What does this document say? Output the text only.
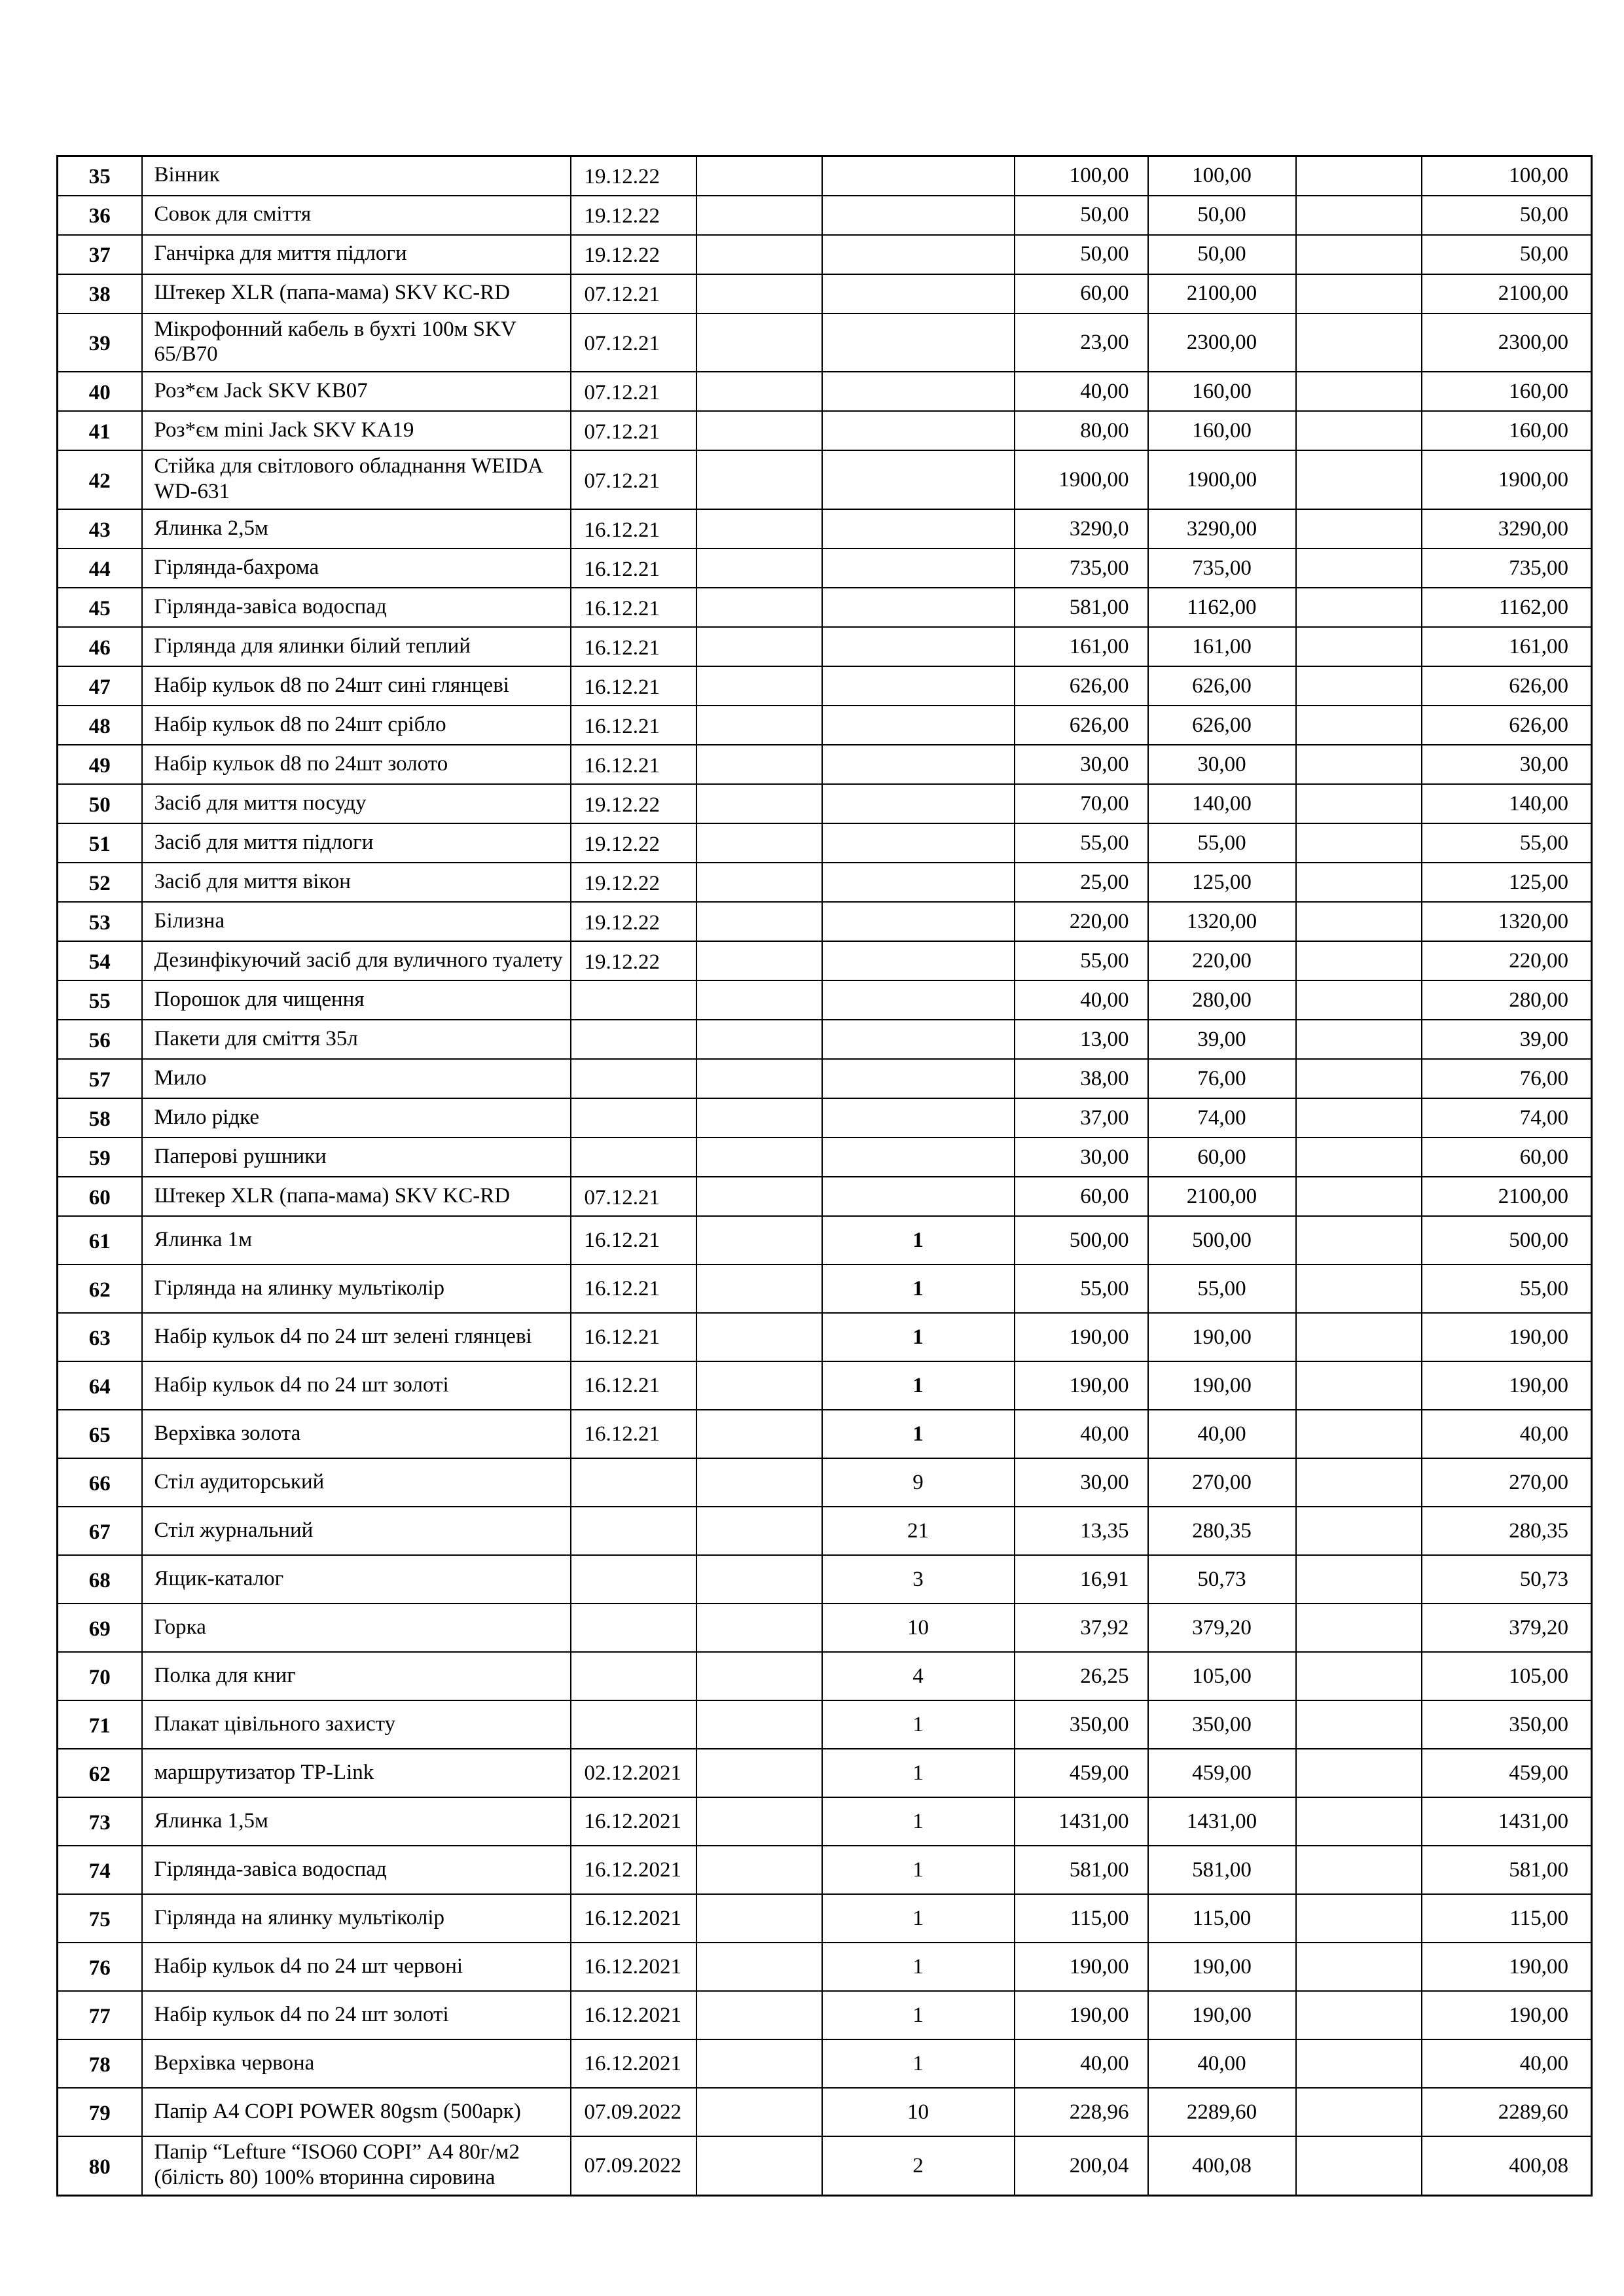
35	Вінник	19.12.22			100,00	100,00		100,00
36	Совок для сміття	19.12.22			50,00	50,00		50,00
37	Ганчірка для миття підлоги	19.12.22			50,00	50,00		50,00
38	Штекер XLR (папа-мама) SKV KC-RD	07.12.21			60,00	2100,00		2100,00
39	Мікрофонний кабель в бухті 100м SKV 65/B70	07.12.21			23,00	2300,00		2300,00
40	Роз*єм Jack SKV KB07	07.12.21			40,00	160,00		160,00
41	Роз*єм mini Jack SKV KA19	07.12.21			80,00	160,00		160,00
42	Стійка для світлового обладнання WEIDA WD-631	07.12.21			1900,00	1900,00		1900,00
43	Ялинка 2,5м	16.12.21			3290,0	3290,00		3290,00
44	Гірлянда-бахрома	16.12.21			735,00	735,00		735,00
45	Гірлянда-завіса водоспад	16.12.21			581,00	1162,00		1162,00
46	Гірлянда для ялинки білий теплий	16.12.21			161,00	161,00		161,00
47	Набір кульок d8 по 24шт сині глянцеві	16.12.21			626,00	626,00		626,00
48	Набір кульок d8 по 24шт срібло	16.12.21			626,00	626,00		626,00
49	Набір кульок d8 по 24шт золото	16.12.21			30,00	30,00		30,00
50	Засіб для миття посуду	19.12.22			70,00	140,00		140,00
51	Засіб для миття підлоги	19.12.22			55,00	55,00		55,00
52	Засіб для миття вікон	19.12.22			25,00	125,00		125,00
53	Білизна	19.12.22			220,00	1320,00		1320,00
54	Дезинфікуючий засіб для вуличного туалету	19.12.22			55,00	220,00		220,00
55	Порошок для чищення				40,00	280,00		280,00
56	Пакети для сміття 35л				13,00	39,00		39,00
57	Мило				38,00	76,00		76,00
58	Мило рідке				37,00	74,00		74,00
59	Паперові рушники				30,00	60,00		60,00
60	Штекер XLR (папа-мама) SKV KC-RD	07.12.21			60,00	2100,00		2100,00
61	Ялинка 1м	16.12.21		1	500,00	500,00		500,00
62	Гірлянда на ялинку мультіколір	16.12.21		1	55,00	55,00		55,00
63	Набір кульок d4 по 24 шт зелені глянцеві	16.12.21		1	190,00	190,00		190,00
64	Набір кульок d4 по 24 шт золоті	16.12.21		1	190,00	190,00		190,00
65	Верхівка золота	16.12.21		1	40,00	40,00		40,00
66	Стіл аудиторський			9	30,00	270,00		270,00
67	Стіл журнальний			21	13,35	280,35		280,35
68	Ящик-каталог			3	16,91	50,73		50,73
69	Горка			10	37,92	379,20		379,20
70	Полка для книг			4	26,25	105,00		105,00
71	Плакат цівільного захисту			1	350,00	350,00		350,00
62	маршрутизатор TP-Link	02.12.2021		1	459,00	459,00		459,00
73	Ялинка 1,5м	16.12.2021		1	1431,00	1431,00		1431,00
74	Гірлянда-завіса водоспад	16.12.2021		1	581,00	581,00		581,00
75	Гірлянда на ялинку мультіколір	16.12.2021		1	115,00	115,00		115,00
76	Набір кульок d4 по 24 шт червоні	16.12.2021		1	190,00	190,00		190,00
77	Набір кульок d4 по 24 шт золоті	16.12.2021		1	190,00	190,00		190,00
78	Верхівка червона	16.12.2021		1	40,00	40,00		40,00
79	Папір А4 COPI POWER 80gsm (500арк)	07.09.2022		10	228,96	2289,60		2289,60
80	Папір “Lefture “ISO60 COPI” А4 80г/м2 (білість 80) 100% вторинна сировина	07.09.2022		2	200,04	400,08		400,08
